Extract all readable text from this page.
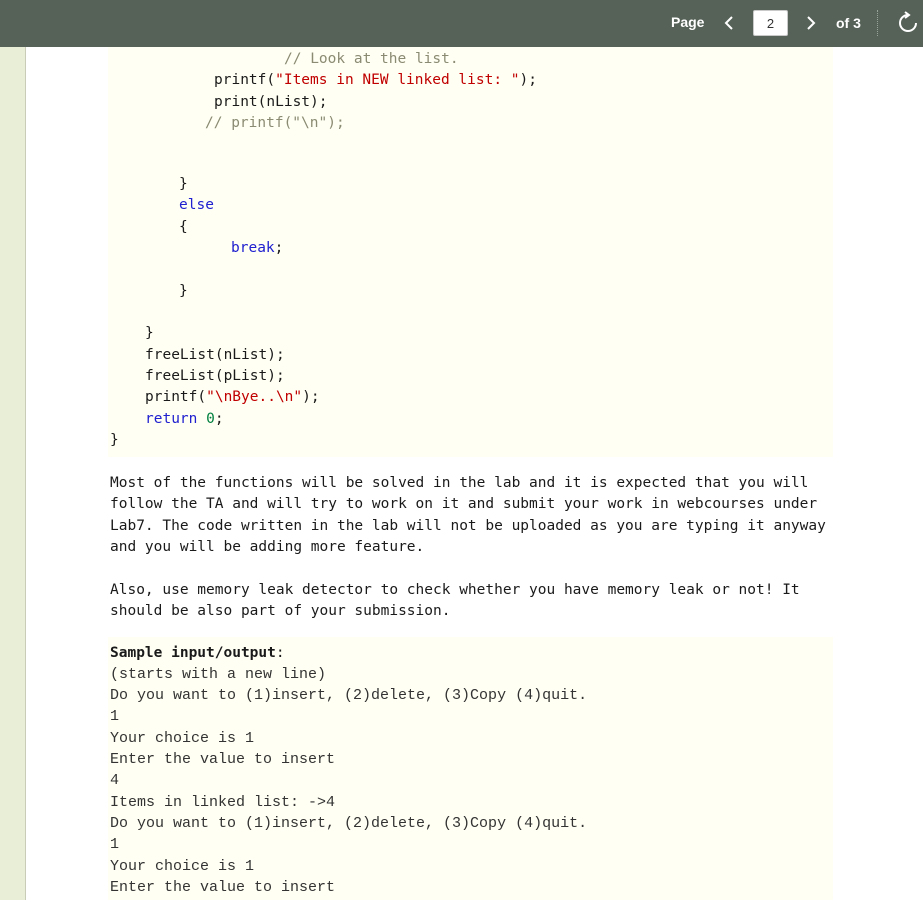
Page
2	of 3
// Look at the list.
printf("Items in NEW linked list: ");
print(nList);
// printf("\n");
}
else
{
break;
}
}
freeList(nList);
freeList(pList);
printf("\nBye..\n");
return 0;
}
Most of the functions will be solved in the lab and it is expected that you will
follow the TA and will try to work on it and submit your work in webcourses under
Lab7. The code written in the lab will not be uploaded as you are typing it anyway
and you will be adding more feature.
Also, use memory leak detector to check whether you have memory leak or not! It
should be also part of your submission.
Sample input/output:
(starts with a new line)
Do you want to (1)insert, (2)delete, (3)Copy (4)quit.
1
Your choice is 1
Enter the value to insert
4
Items in linked list: ->4
Do you want to (1)insert, (2)delete, (3)Copy (4)quit.
1
Your choice is 1
Enter the value to insert
